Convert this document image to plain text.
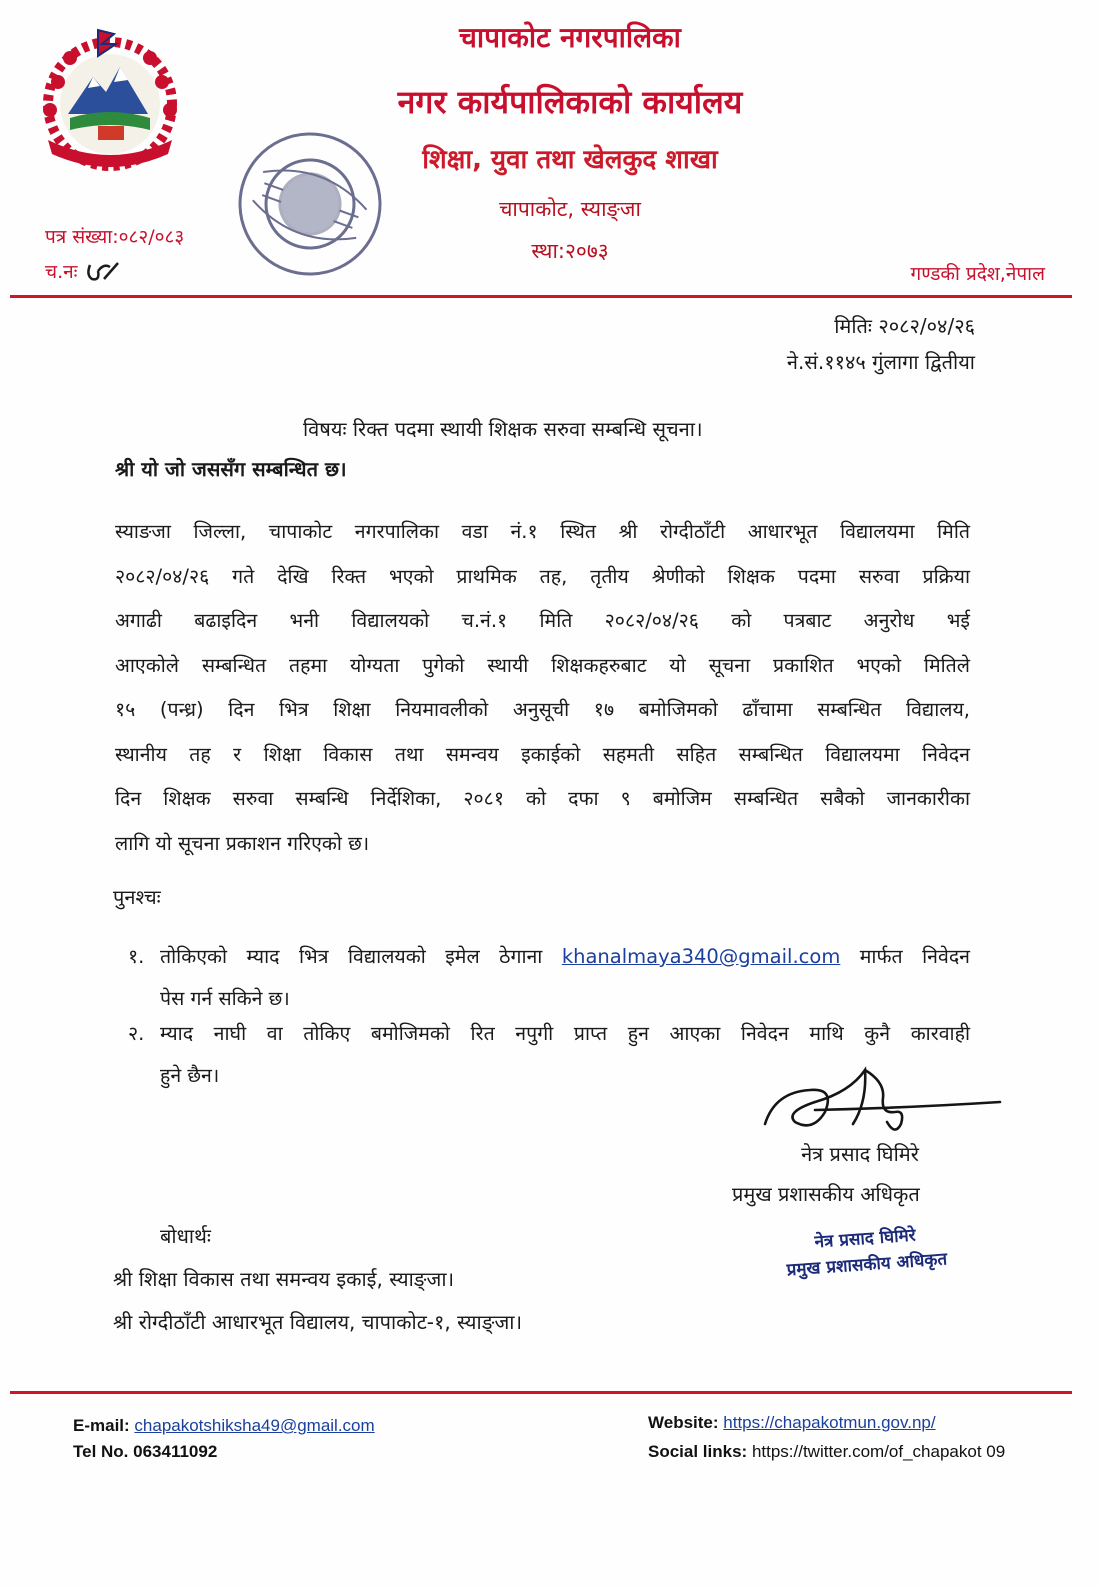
चापाकोट नगरपालिका
नगर कार्यपालिकाको कार्यालय
शिक्षा, युवा तथा खेलकुद शाखा
चापाकोट, स्याङ्जा
स्था:२०७३
पत्र संख्या:०८२/०८३
च.नः	गण्डकी प्रदेश,नेपाल
मितिः २०८२/०४/२६
ने.सं.११४५ गुंलागा द्वितीया
विषयः रिक्त पदमा स्थायी शिक्षक सरुवा सम्बन्धि सूचना।
श्री यो जो जससँग सम्बन्धित छ।
स्याङजा जिल्ला, चापाकोट नगरपालिका वडा नं.१ स्थित श्री रोग्दीठाँटी आधारभूत विद्यालयमा मिति
२०८२/०४/२६ गते देखि रिक्त भएको प्राथमिक तह, तृतीय श्रेणीको शिक्षक पदमा सरुवा प्रक्रिया
अगाढी बढाइदिन भनी विद्यालयको च.नं.१ मिति २०८२/०४/२६ को पत्रबाट अनुरोध भई
आएकोले सम्बन्धित तहमा योग्यता पुगेको स्थायी शिक्षकहरुबाट यो सूचना प्रकाशित भएको मितिले
१५ (पन्ध्र) दिन भित्र शिक्षा नियमावलीको अनुसूची १७ बमोजिमको ढाँचामा सम्बन्धित विद्यालय,
स्थानीय तह र शिक्षा विकास तथा समन्वय इकाईको सहमती सहित सम्बन्धित विद्यालयमा निवेदन
दिन शिक्षक सरुवा सम्बन्धि निर्देशिका, २०८१ को दफा ९ बमोजिम सम्बन्धित सबैको जानकारीका
लागि यो सूचना प्रकाशन गरिएको छ।
पुनश्चः
१. तोकिएको म्याद भित्र विद्यालयको इमेल ठेगाना khanalmaya340@gmail.com मार्फत निवेदन
पेस गर्न सकिने छ।
२. म्याद नाघी वा तोकिए बमोजिमको रित नपुगी प्राप्त हुन आएका निवेदन माथि कुनै कारवाही
हुने छैन।
नेत्र प्रसाद घिमिरे
प्रमुख प्रशासकीय अधिकृत
नेत्र प्रसाद घिमिरे
प्रमुख प्रशासकीय अधिकृत
बोधार्थः
श्री शिक्षा विकास तथा समन्वय इकाई, स्याङ्जा।
श्री रोग्दीठाँटी आधारभूत विद्यालय, चापाकोट-१, स्याङ्जा।
E-mail: chapakotshiksha49@gmail.com
Tel No. 063411092
Website: https://chapakotmun.gov.np/
Social links: https://twitter.com/of_chapakot 09
